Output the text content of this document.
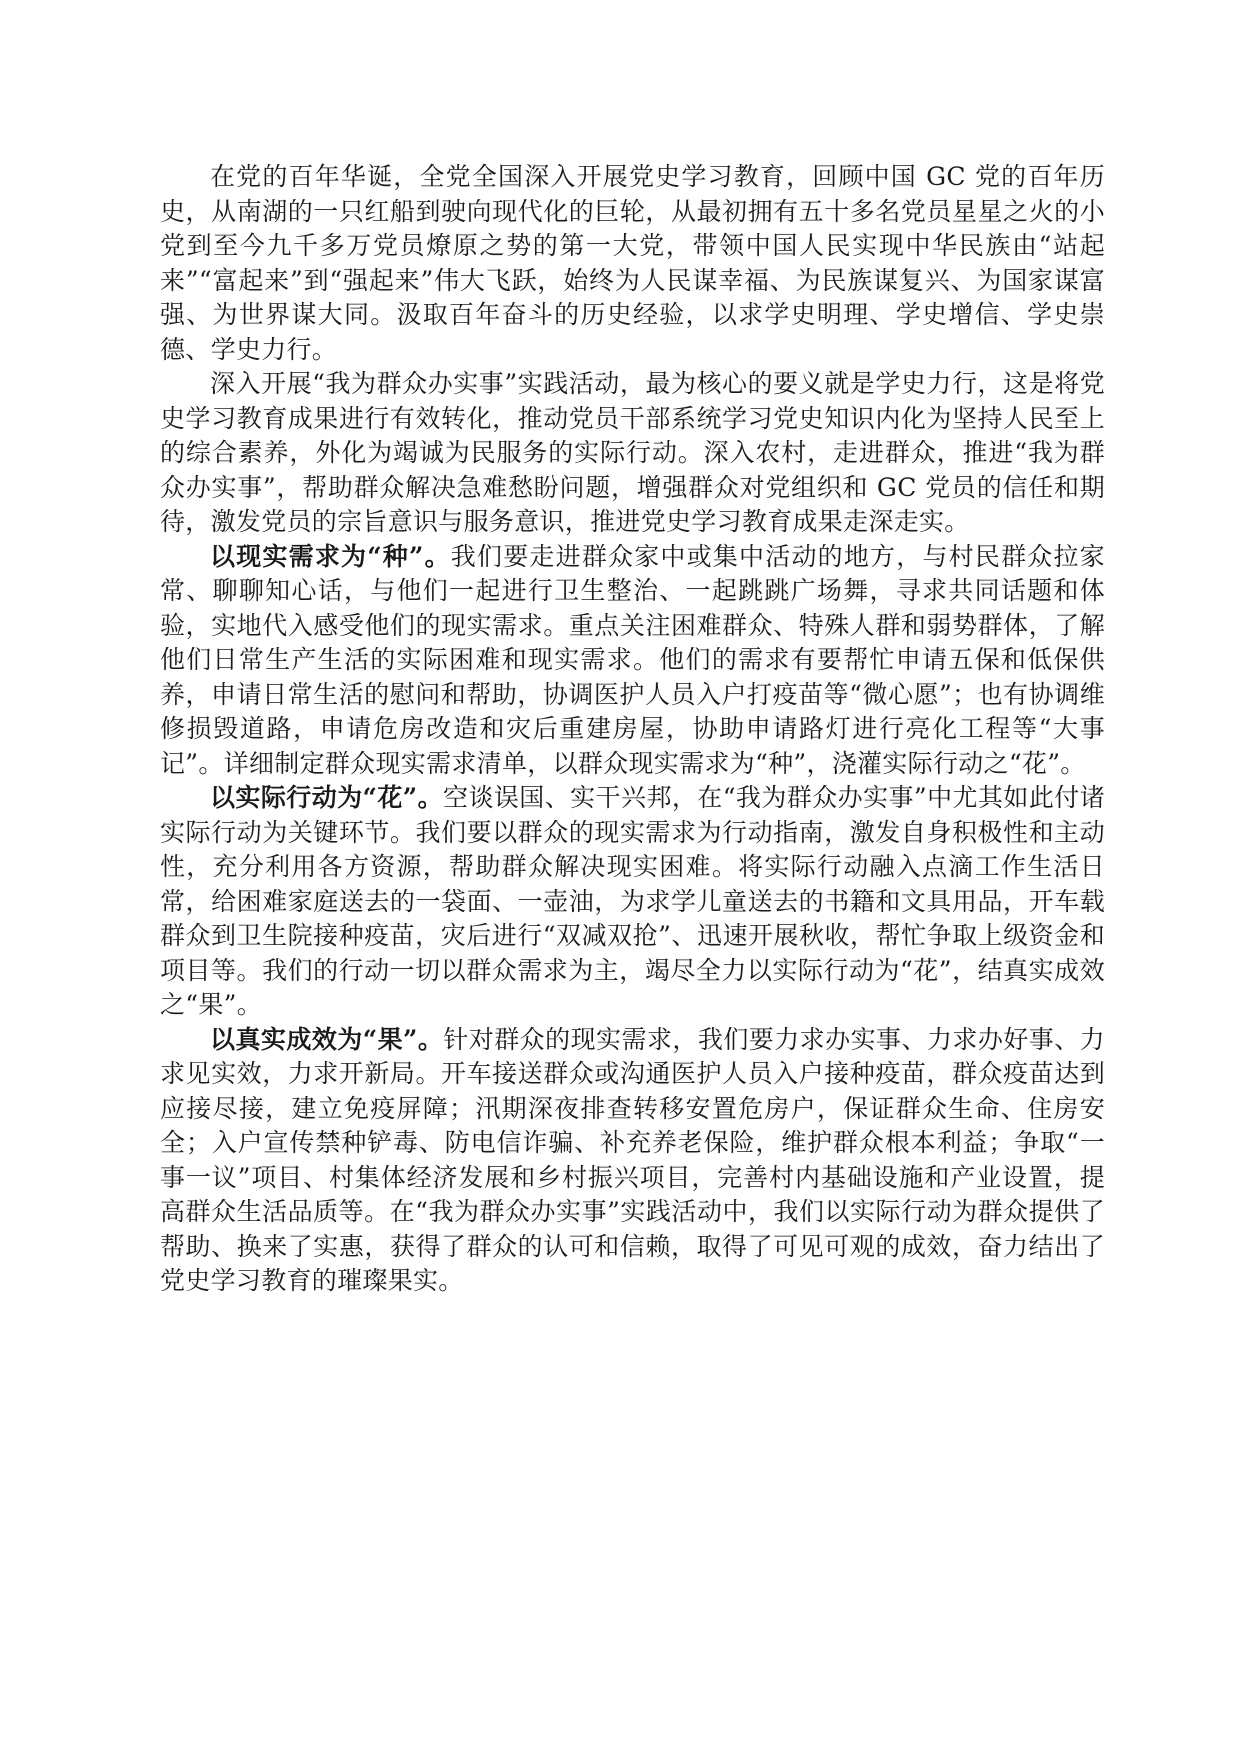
在党的百年华诞，全党全国深入开展党史学习教育，回顾中国 GC 党的百年历史，从南湖的一只红船到驶向现代化的巨轮，从最初拥有五十多名党员星星之火的小党到至今九千多万党员燎原之势的第一大党，带领中国人民实现中华民族由“站起来”“富起来”到“强起来”伟大飞跃，始终为人民谋幸福、为民族谋复兴、为国家谋富强、为世界谋大同。汲取百年奋斗的历史经验，以求学史明理、学史增信、学史崇德、学史力行。

深入开展“我为群众办实事”实践活动，最为核心的要义就是学史力行，这是将党史学习教育成果进行有效转化，推动党员干部系统学习党史知识内化为坚持人民至上的综合素养，外化为竭诚为民服务的实际行动。深入农村，走进群众，推进“我为群众办实事”，帮助群众解决急难愁盼问题，增强群众对党组织和 GC 党员的信任和期待，激发党员的宗旨意识与服务意识，推进党史学习教育成果走深走实。

以现实需求为“种”。我们要走进群众家中或集中活动的地方，与村民群众拉家常、聊聊知心话，与他们一起进行卫生整治、一起跳跳广场舞，寻求共同话题和体验，实地代入感受他们的现实需求。重点关注困难群众、特殊人群和弱势群体，了解他们日常生产生活的实际困难和现实需求。他们的需求有要帮忙申请五保和低保供养，申请日常生活的慰问和帮助，协调医护人员入户打疫苗等“微心愿”；也有协调维修损毁道路，申请危房改造和灾后重建房屋，协助申请路灯进行亮化工程等“大事记”。详细制定群众现实需求清单，以群众现实需求为“种”，浇灌实际行动之“花”。

以实际行动为“花”。空谈误国、实干兴邦，在“我为群众办实事”中尤其如此付诸实际行动为关键环节。我们要以群众的现实需求为行动指南，激发自身积极性和主动性，充分利用各方资源，帮助群众解决现实困难。将实际行动融入点滴工作生活日常，给困难家庭送去的一袋面、一壶油，为求学儿童送去的书籍和文具用品，开车载群众到卫生院接种疫苗，灾后进行“双减双抢”、迅速开展秋收，帮忙争取上级资金和项目等。我们的行动一切以群众需求为主，竭尽全力以实际行动为“花”，结真实成效之“果”。

以真实成效为“果”。针对群众的现实需求，我们要力求办实事、力求办好事、力求见实效，力求开新局。开车接送群众或沟通医护人员入户接种疫苗，群众疫苗达到应接尽接，建立免疫屏障；汛期深夜排查转移安置危房户，保证群众生命、住房安全；入户宣传禁种铲毒、防电信诈骗、补充养老保险，维护群众根本利益；争取“一事一议”项目、村集体经济发展和乡村振兴项目，完善村内基础设施和产业设置，提高群众生活品质等。在“我为群众办实事”实践活动中，我们以实际行动为群众提供了帮助、换来了实惠，获得了群众的认可和信赖，取得了可见可观的成效，奋力结出了党史学习教育的璀璨果实。
